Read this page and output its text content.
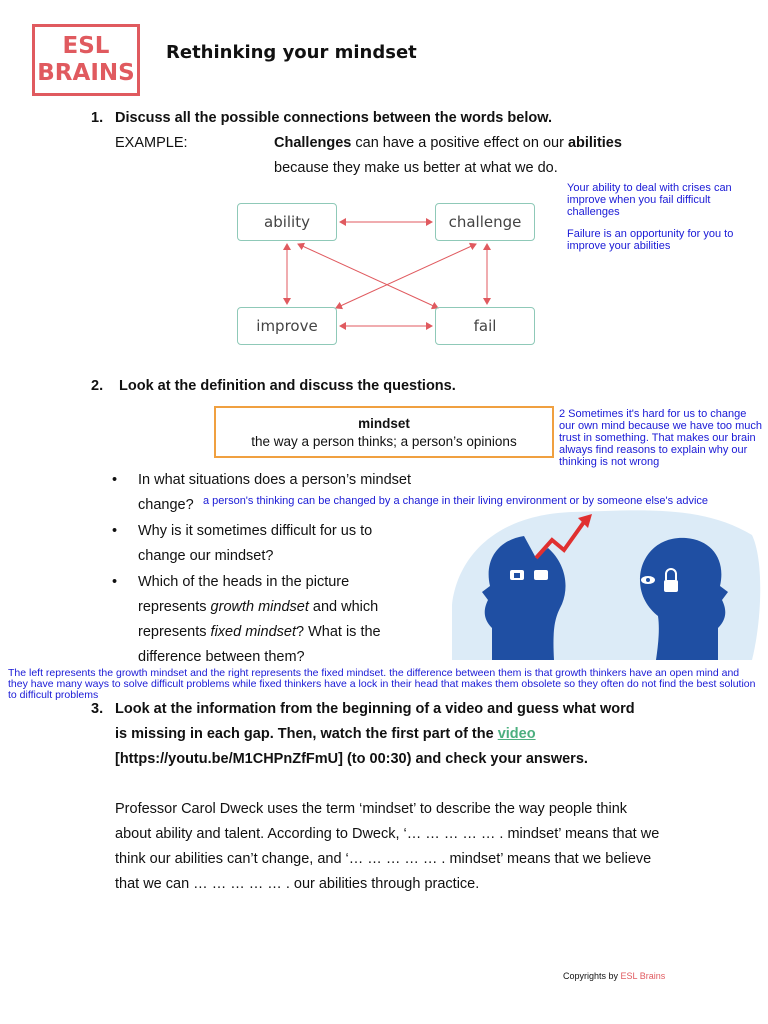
ESL
BRAINS
Rethinking your mindset
1. Discuss all the possible connections between the words below.
EXAMPLE:	Challenges can have a positive effect on our abilities
because they make us better at what we do.
ability	challenge
improve	fail
Your ability to deal with crises can improve when you fail difficult challenges
Failure is an opportunity for you to improve your abilities
2. Look at the definition and discuss the questions.
mindset
the way a person thinks; a person’s opinions
2 Sometimes it's hard for us to change our own mind because we have too much trust in something. That makes our brain always find reasons to explain why our thinking is not wrong
• In what situations does a person’s mindset
change? a person's thinking can be changed by a change in their living environment or by someone else's advice
• Why is it sometimes difficult for us to
change our mindset?
• Which of the heads in the picture
represents growth mindset and which
represents fixed mindset? What is the
difference between them?
The left represents the growth mindset and the right represents the fixed mindset. the difference between them is that growth thinkers have an open mind and they have many ways to solve difficult problems while fixed thinkers have a lock in their head that makes them obsolete so they often do not find the best solution to difficult problems
3. Look at the information from the beginning of a video and guess what word
is missing in each gap. Then, watch the first part of the video
[https://youtu.be/M1CHPnZfFmU] (to 00:30) and check your answers.
Professor Carol Dweck uses the term ‘mindset’ to describe the way people think
about ability and talent. According to Dweck, ‘… … … … … . mindset’ means that we
think our abilities can’t change, and ‘… … … … … . mindset’ means that we believe
that we can … … … … … . our abilities through practice.
Copyrights by ESL Brains
